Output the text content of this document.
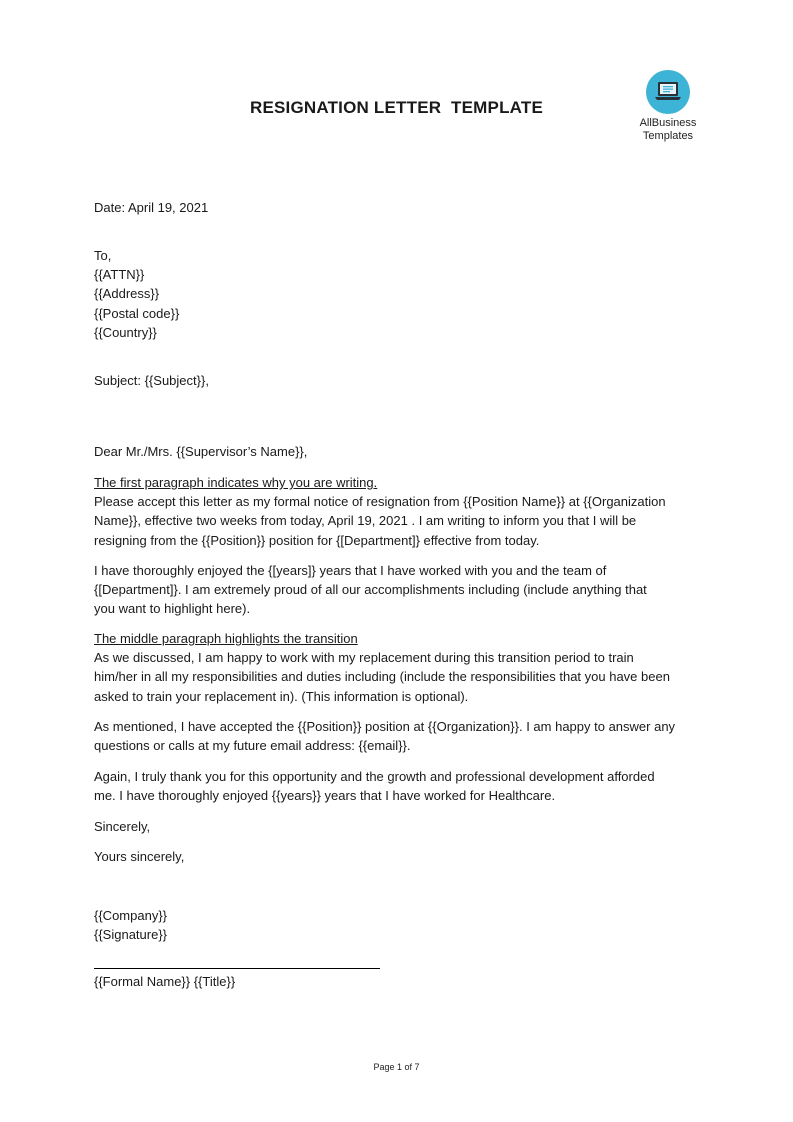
RESIGNATION LETTER  TEMPLATE
AllBusiness
Templates
Date: April 19, 2021
To,
{{ATTN}}
{{Address}}
{{Postal code}}
{{Country}}
Subject: {{Subject}},
Dear Mr./Mrs. {{Supervisor’s Name}},
The first paragraph indicates why you are writing.
Please accept this letter as my formal notice of resignation from {{Position Name}} at {{Organization
Name}}, effective two weeks from today, April 19, 2021 . I am writing to inform you that I will be
resigning from the {{Position}} position for {[Department]} effective from today.
I have thoroughly enjoyed the {[years]} years that I have worked with you and the team of
{[Department]}. I am extremely proud of all our accomplishments including (include anything that
you want to highlight here).
The middle paragraph highlights the transition
As we discussed, I am happy to work with my replacement during this transition period to train
him/her in all my responsibilities and duties including (include the responsibilities that you have been
asked to train your replacement in). (This information is optional).
As mentioned, I have accepted the {{Position}} position at {{Organization}}. I am happy to answer any
questions or calls at my future email address: {{email}}.
Again, I truly thank you for this opportunity and the growth and professional development afforded
me. I have thoroughly enjoyed {{years}} years that I have worked for Healthcare.
Sincerely,
Yours sincerely,
{{Company}}
{{Signature}}
{{Formal Name}} {{Title}}
Page 1 of 7
